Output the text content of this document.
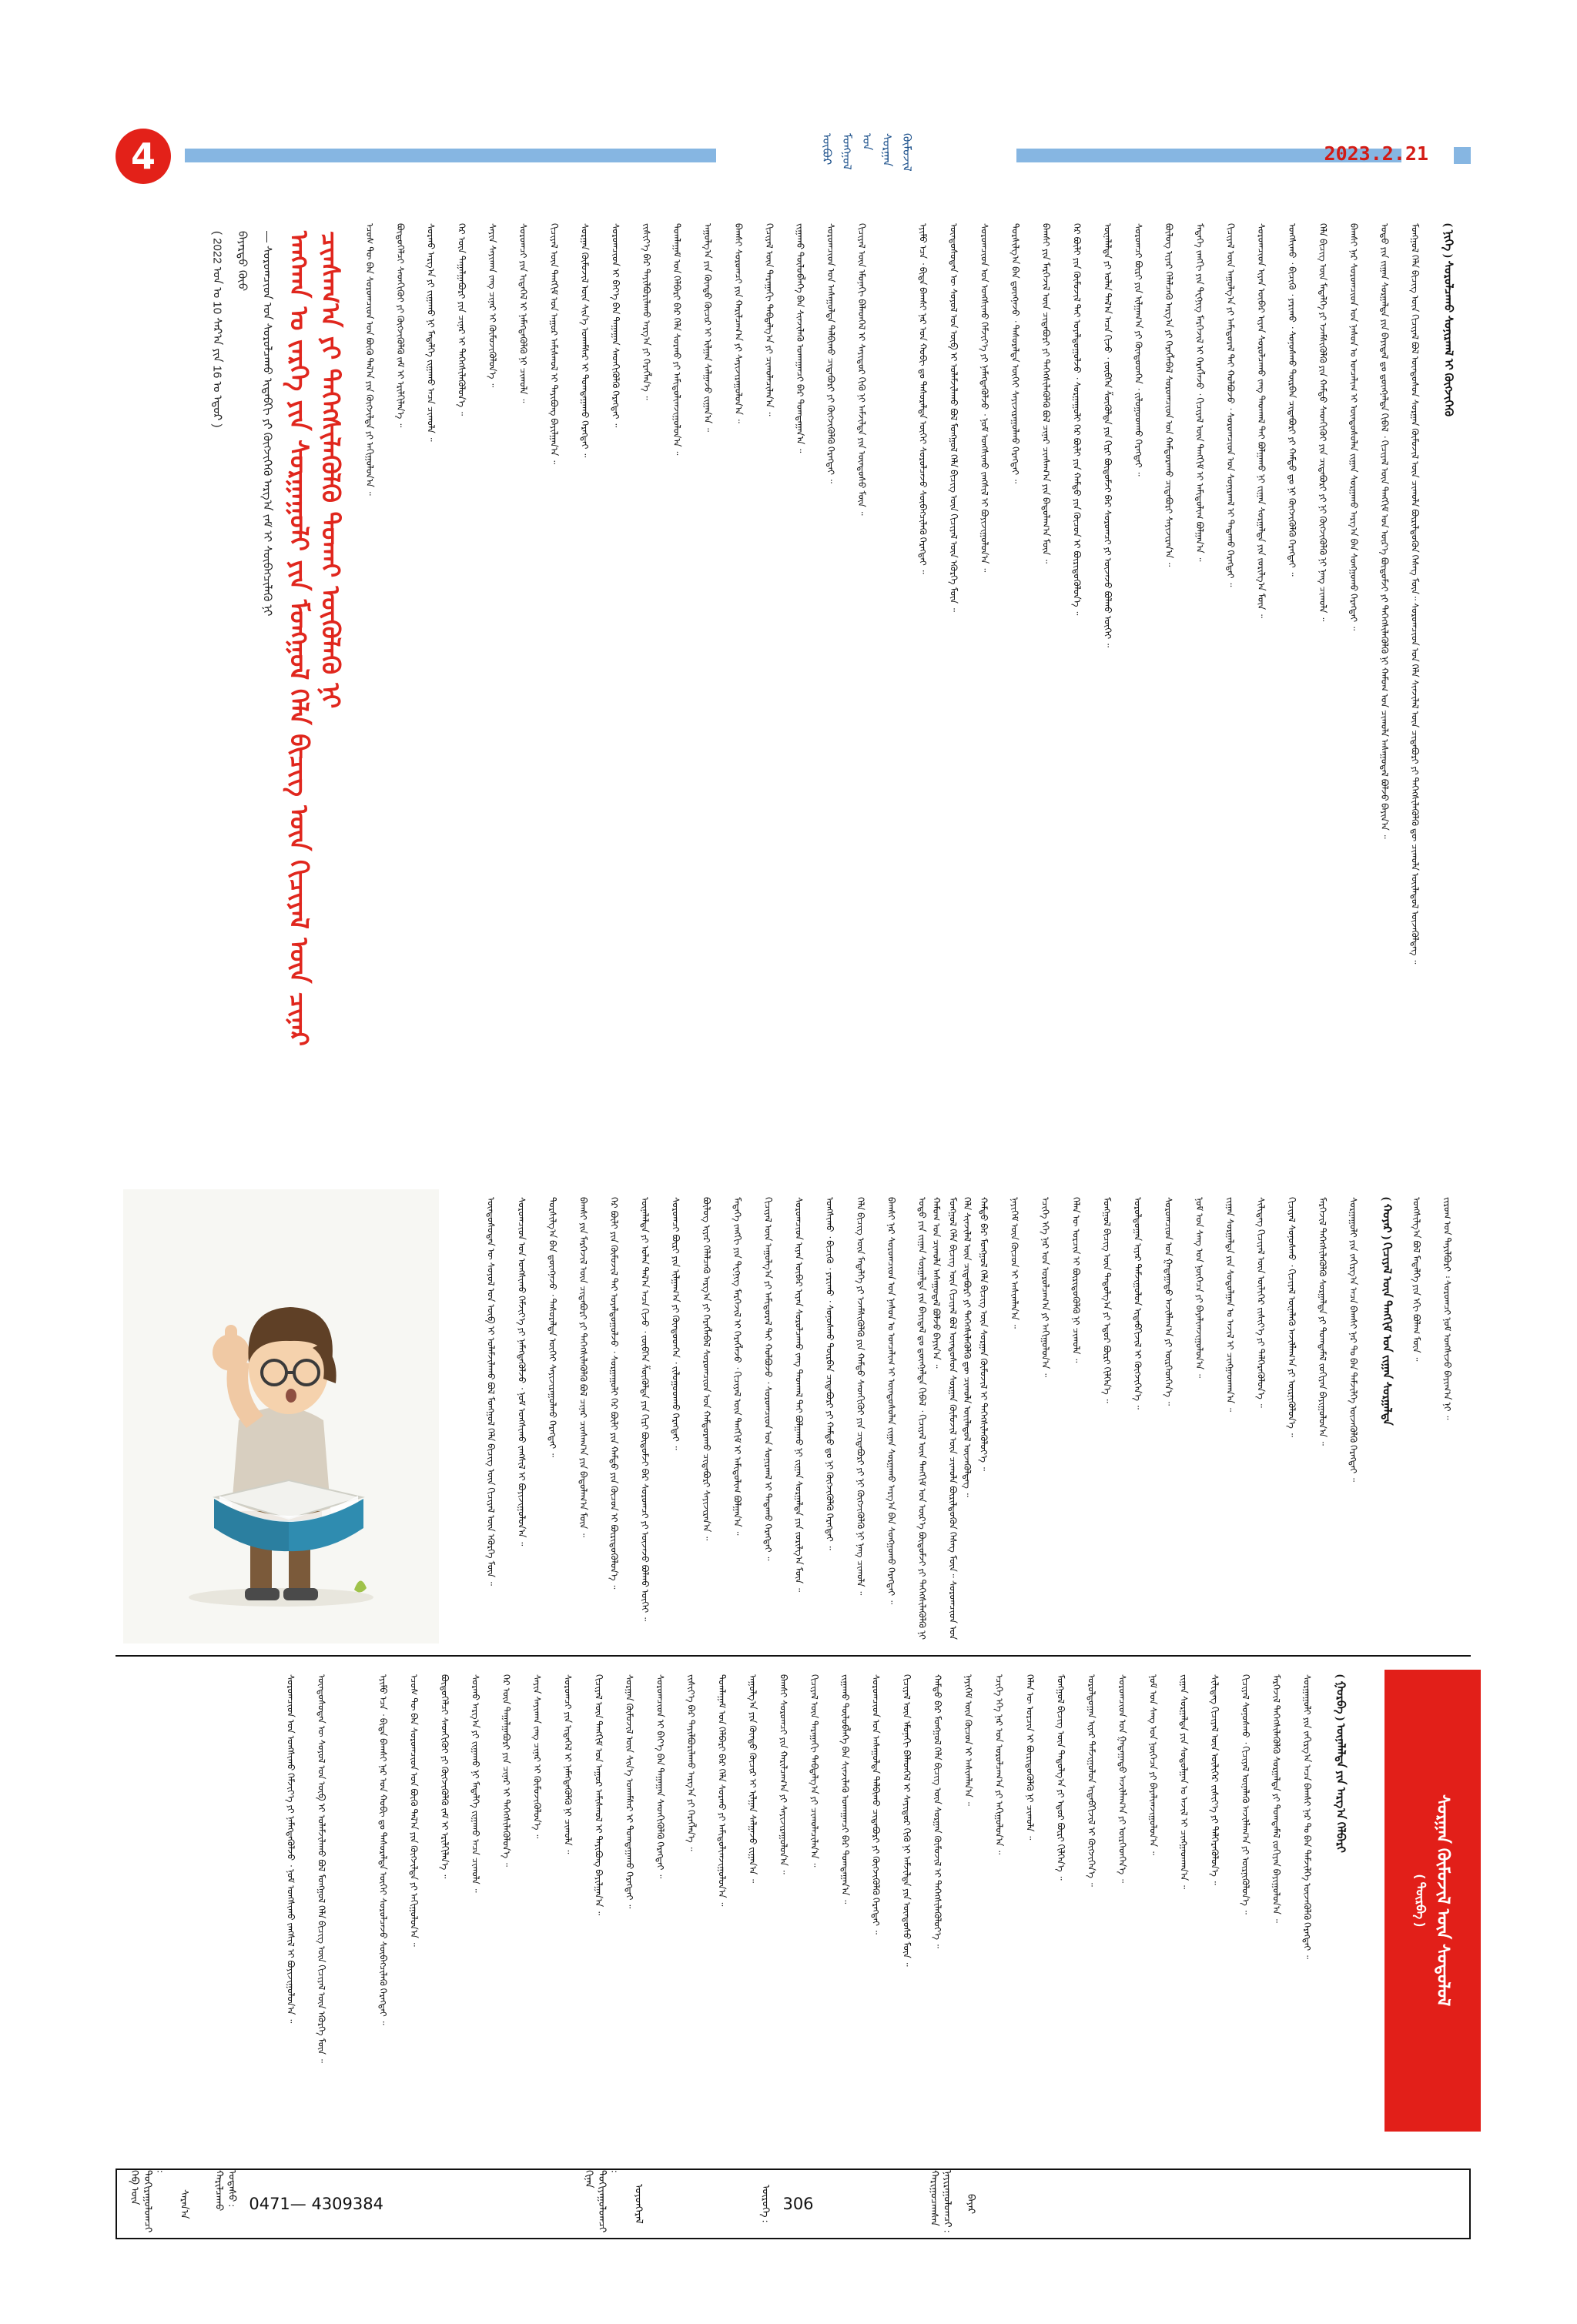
4	ᠦᠪᠦᠷ ᠮᠣᠩᠭᠤᠯ ᠤᠨ ᠰᠤᠷᠭᠠᠨ ᠬᠦᠮᠦᠵᠢᠯ	2023.2.21
ᠠᠩᠬᠠᠨ ᠤ ᠵᠡᠷᠭᠡ ᠶᠢᠨ ᠰᠤᠷᠭᠠᠭᠤᠯᠢ ᠶᠢᠨ ᠮᠣᠩᠭᠤᠯ ᠬᠡᠯᠡ ᠪᠢᠴᠢᠭ ᠦᠨ ᠬᠢᠴᠢᠶᠡᠯ ᠦᠨ ᠴᠢᠨᠠᠷ ᠴᠢᠨᠰᠠᠭ᠎ᠠ ᠶᠢ ᠳᠡᠭᠡᠭᠰᠢᠯᠡᠭᠦᠯᠬᠦ ᠲᠤᠬᠠᠢ ᠦᠭᠦᠯᠡᠬᠦ ᠨᠢ
— ᠰᠤᠷᠤᠭᠴᠢᠳ ᠤᠨ ᠰᠤᠷᠤᠯᠴᠠᠬᠤ ᠢᠳᠡᠪᠬᠢ ᠶᠢ ᠬᠦᠭᠵᠢᠭᠡᠬᠦ ᠠᠷᠭ᠎ᠠ ᠵᠠᠮ ᠢ ᠰᠦᠪᠡᠭᠴᠢᠯᠡᠬᠦ ᠨᠢ
ᠪᠠᠶᠠᠷᠲᠤ ᠬᠦᠦ
( 2022 ᠣᠨ ᠤ 10 ᠰᠠᠷ᠎ᠠ ᠶᠢᠨ 16 ᠤ ᠡᠳᠦᠷ )	( ᠨᠢᠭᠡ ) ᠰᠤᠷᠤᠯᠴᠠᠬᠤ ᠰᠣᠨᠢᠷᠬᠠᠯ ᠢ ᠬᠦᠭᠵᠢᠭᠡᠬᠦ
ᠮᠣᠩᠭᠤᠯ ᠬᠡᠯᠡ ᠪᠢᠴᠢᠭ ᠦᠨ ᠬᠢᠴᠢᠶᠡᠯ ᠪᠣᠯ ᠦᠨᠳᠦᠰᠦᠨ ᠰᠤᠷᠭᠠᠨ ᠬᠦᠮᠦᠵᠢᠯ ᠦᠨ ᠴᠢᠬᠤᠯᠠ ᠪᠦᠷᠢᠯᠳᠦᠭᠦᠨ ᠬᠡᠰᠡᠭ ᠮᠥᠨ᠃ ᠰᠤᠷᠤᠭᠴᠢᠳ ᠤᠨ ᠬᠡᠯᠡ ᠰᠢᠨᠵᠢᠯᠡᠯ ᠦᠨ ᠴᠢᠳᠠᠪᠤᠷᠢ ᠶᠢ ᠳᠡᠭᠡᠭᠰᠢᠯᠡᠭᠦᠯᠬᠦ ᠳᠦ ᠴᠢᠬᠤᠯᠠ ᠦᠢᠯᠡᠳᠦᠯ ᠦᠵᠡᠭᠦᠯᠳᠡᠭ ᠃
ᠣᠳᠣ ᠶᠢᠨ ᠵᠢᠭᠠᠨ ᠰᠤᠷᠭᠠᠯᠲᠠ ᠶᠢᠨ ᠪᠠᠶᠢᠳᠠᠯ ᠳᠤ ᠳ᠋ᠦᠩᠨᠡᠯᠲᠡ ᠬᠢᠪᠡᠯ ᠂ ᠬᠢᠴᠢᠶᠡᠯ ᠦᠨ ᠲᠠᠩᠬᠢᠮ ᠤᠨ ᠦᠷ᠎ᠡ ᠪᠦᠲᠦᠮᠵᠢ ᠶᠢ ᠳᠡᠭᠡᠭᠰᠢᠯᠡᠭᠦᠯᠬᠦ ᠨᠢ ᠬᠠᠮᠤᠭ ᠤᠨ ᠴᠢᠬᠤᠯᠠ ᠠᠰᠠᠭᠤᠳᠠᠯ ᠪᠣᠯᠵᠤ ᠪᠠᠶᠢᠨ᠎ᠠ ᠃
ᠪᠠᠭᠰᠢ ᠨᠠᠷ ᠰᠤᠷᠤᠭᠴᠢᠳ ᠤᠨ ᠨᠠᠰᠤᠨ ᠤ ᠣᠨᠴᠠᠯᠢᠭ ᠢ ᠦᠨᠳᠦᠰᠦᠯᠡᠨ ᠵᠢᠭᠠᠨ ᠰᠤᠷᠭᠠᠬᠤ ᠠᠷᠭ᠎ᠠ ᠪᠠᠨ ᠰᠣᠩᠭᠤᠬᠤ ᠬᠡᠷᠡᠭᠲᠡᠢ ᠃
ᠬᠡᠯᠡ ᠪᠢᠴᠢᠭ ᠦᠨ ᠮᠡᠳᠡᠯᠭᠡ ᠶᠢ ᠡᠵᠡᠮᠰᠢᠭᠦᠯᠬᠦ ᠶᠢᠨ ᠬᠠᠮᠲᠤ ᠰᠡᠳᠬᠢᠬᠦᠢ ᠶᠢᠨ ᠴᠢᠳᠠᠪᠤᠷᠢ ᠶᠢ ᠨᠢ ᠬᠦᠭᠵᠢᠭᠦᠯᠬᠦ ᠨᠢ ᠨᠡᠩ ᠴᠢᠬᠤᠯᠠ ᠃
ᠤᠩᠰᠢᠬᠤ ᠂ ᠪᠢᠴᠢᠬᠦ ᠂ ᠶᠠᠷᠢᠬᠤ ᠂ ᠰᠣᠨᠣᠰᠬᠤ ᠳᠥᠷᠪᠡᠨ ᠴᠢᠳᠠᠪᠤᠷᠢ ᠶᠢ ᠬᠠᠮᠲᠤ ᠳᠤ ᠨᠢ ᠬᠥᠭᠵᠢᠭᠦᠯᠬᠦ ᠬᠡᠷᠡᠭᠲᠡᠢ ᠃
ᠰᠤᠷᠤᠭᠴᠢᠳ ᠢᠶᠠᠨ ᠥᠪᠡᠷ ᠢᠶᠡᠨ ᠰᠤᠷᠤᠯᠴᠠᠬᠤ ᠵᠠᠩ ᠳᠠᠳᠬᠠᠯ ᠲᠠᠢ ᠪᠣᠯᠭᠠᠬᠤ ᠨᠢ ᠵᠢᠭᠠᠨ ᠰᠤᠷᠭᠠᠯᠲᠠ ᠶᠢᠨ ᠵᠣᠷᠢᠯᠭ᠎ᠠ ᠮᠥᠨ ᠃
ᠬᠢᠴᠢᠶᠡᠯ ᠦᠨ ᠠᠭᠤᠯᠭ᠎ᠠ ᠶᠢ ᠠᠮᠢᠳᠤᠷᠠᠯ ᠲᠠᠢ ᠬᠣᠯᠪᠤᠵᠤ ᠂ ᠰᠤᠷᠤᠭᠴᠢᠳ ᠤᠨ ᠰᠣᠨᠢᠷᠬᠠᠯ ᠢ ᠲᠠᠲᠠᠬᠤ ᠬᠡᠷᠡᠭᠲᠡᠢ ᠃
ᠮᠡᠳᠡᠭᠡ ᠵᠠᠩᠭᠢ ᠶᠢᠨ ᠲᠧᠭᠨᠢᠭ ᠮᠡᠷᠭᠡᠵᠢᠯ ᠢ ᠬᠡᠷᠡᠭᠯᠡᠵᠦ ᠂ ᠬᠢᠴᠢᠶᠡᠯ ᠦᠨ ᠲᠠᠩᠬᠢᠮ ᠢ ᠠᠮᠢᠳᠤᠯᠢᠭ ᠪᠣᠯᠭᠠᠨ᠎ᠠ ᠃
ᠪᠦᠯᠦᠭ ᠢᠶᠡᠷ ᠬᠡᠯᠡᠯᠴᠡᠬᠦ ᠠᠷᠭ᠎ᠠ ᠶᠢ ᠬᠡᠷᠡᠭᠯᠡᠪᠡᠯ ᠰᠤᠷᠤᠭᠴᠢᠳ ᠤᠨ ᠬᠠᠮᠲᠤᠷᠠᠬᠤ ᠴᠢᠳᠠᠪᠤᠷᠢ ᠰᠠᠶᠢᠵᠢᠷᠠᠨ᠎ᠠ ᠃
ᠰᠤᠷᠤᠭᠴᠢ ᠪᠦᠷᠢ ᠶᠢᠨ ᠢᠯᠭᠠᠭ᠎ᠠ ᠶᠢ ᠬᠦᠨᠳᠦᠳᠬᠡᠨ ᠂ ᠵᠢᠯᠣᠭᠤᠳᠬᠤ ᠬᠡᠷᠡᠭᠲᠡᠢ ᠃
ᠦᠨᠡᠯᠡᠯᠲᠡ ᠶᠢ ᠣᠯᠠᠨ ᠲᠠᠯ᠎ᠠ ᠠᠴᠠ ᠬᠢᠵᠦ ᠂ ᠵᠥᠪᠬᠡᠨ ᠱᠦᠭᠦᠯᠲᠡ ᠶᠢᠨ ᠬᠢᠷᠢ ᠪᠦᠲᠦᠮᠵᠢ ᠪᠡᠷ ᠰᠤᠷᠤᠭᠴᠢ ᠶᠢ ᠦᠵᠡᠵᠦ ᠪᠣᠯᠬᠤ ᠦᠭᠡᠢ ᠃
ᠭᠡᠷ ᠪᠦᠯᠢ ᠶᠢᠨ ᠬᠦᠮᠦᠵᠢᠯ ᠲᠡᠢ ᠤᠶᠠᠯᠳᠤᠭᠤᠯᠵᠤ ᠂ ᠰᠤᠷᠭᠠᠭᠤᠯᠢ ᠭᠡᠷ ᠪᠦᠯᠢ ᠶᠢᠨ ᠬᠠᠮᠲᠤ ᠶᠢᠨ ᠬᠦᠴᠦᠨ ᠢ ᠪᠦᠷᠢᠳᠦᠭᠦᠯᠦᠨ᠎ᠡ ᠃
ᠪᠠᠭᠰᠢ ᠶᠢᠨ ᠮᠡᠷᠭᠡᠵᠢᠯ ᠦᠨ ᠴᠢᠳᠠᠪᠤᠷᠢ ᠶᠢ ᠳᠡᠭᠡᠭᠰᠢᠯᠡᠭᠦᠯᠬᠦ ᠪᠣᠯ ᠴᠢᠨᠠᠷ ᠴᠢᠨᠰᠠᠭ᠎ᠠ ᠶᠢᠨ ᠪᠠᠲᠤᠯᠠᠭ᠎ᠠ ᠮᠥᠨ ᠃
ᠲᠤᠷᠰᠢᠯᠭ᠎ᠠ ᠪᠠᠨ ᠳ᠋ᠦᠩᠨᠡᠵᠦ ᠂ ᠲᠠᠰᠤᠷᠠᠯᠲᠠ ᠦᠭᠡᠢ ᠰᠠᠶᠢᠵᠢᠷᠠᠭᠤᠯᠬᠤ ᠬᠡᠷᠡᠭᠲᠡᠢ ᠃
ᠰᠤᠷᠤᠭᠴᠢᠳ ᠤᠨ ᠤᠩᠰᠢᠬᠤ ᠬᠡᠮᠵᠢᠶ᠎ᠡ ᠶᠢ ᠨᠡᠮᠡᠭᠳᠡᠭᠦᠯᠵᠦ ᠂ ᠨᠣᠮ ᠤᠩᠰᠢᠬᠤ ᠵᠠᠩᠰᠢᠯ ᠢ ᠪᠣᠶᠢᠵᠢᠭᠤᠯᠤᠨ᠎ᠠ ᠃
ᠦᠨᠳᠦᠰᠦᠲᠡᠨ ᠦ ᠰᠤᠶᠤᠯ ᠤᠨ ᠥᠪ ᠢ ᠤᠯᠠᠮᠵᠢᠯᠠᠬᠤ ᠪᠣᠯ ᠮᠣᠩᠭᠤᠯ ᠬᠡᠯᠡ ᠪᠢᠴᠢᠭ ᠦᠨ ᠬᠢᠴᠢᠶᠡᠯ ᠦᠨ ᠡᠭᠦᠷᠭᠡ ᠮᠥᠨ ᠃
ᠡᠶᠢᠮᠦ ᠡᠴᠡ ᠂ ᠪᠢᠳᠡ ᠪᠠᠭᠰᠢ ᠨᠠᠷ ᠤᠨ ᠬᠤᠪᠢ ᠳᠤ ᠲᠠᠰᠤᠷᠠᠯᠲᠠ ᠦᠭᠡᠢ ᠰᠤᠷᠤᠯᠴᠠᠵᠤ ᠰᠦᠪᠡᠭᠴᠢᠯᠡᠬᠦ ᠬᠡᠷᠡᠭᠲᠡᠢ ᠃
ᠬᠢᠴᠢᠶᠡᠯ ᠦᠨ ᠡᠮᠦᠨᠡᠬᠢ ᠪᠡᠯᠡᠳᠬᠡᠯ ᠢ ᠰᠠᠶᠢᠲᠤᠷ ᠬᠢᠬᠦ ᠨᠢ ᠠᠮᠵᠢᠯᠲᠠ ᠶᠢᠨ ᠦᠨᠳᠦᠰᠦ ᠮᠥᠨ ᠃
ᠰᠤᠷᠤᠭᠴᠢᠳ ᠤᠨ ᠠᠰᠠᠭᠤᠯᠲᠠ ᠲᠠᠯᠪᠢᠬᠤ ᠴᠢᠳᠠᠪᠤᠷᠢ ᠶᠢ ᠬᠥᠭᠵᠢᠭᠦᠯᠬᠦ ᠬᠡᠷᠡᠭᠲᠡᠢ ᠃
ᠵᠢᠭᠠᠬᠤ ᠲᠥᠯᠦᠪᠯᠡᠭᠡ ᠪᠡᠨ ᠰᠢᠨᠵᠢᠯᠡᠬᠦ ᠤᠬᠠᠭᠠᠨᠴᠢ ᠪᠠᠷ ᠲᠣᠭᠲᠠᠭᠠᠨ᠎ᠠ ᠃
ᠬᠢᠴᠢᠶᠡᠯ ᠦᠨ ᠳᠠᠷᠠᠭᠠᠬᠢ ᠳᠠᠪᠲᠠᠯᠭ᠎ᠠ ᠶᠢ ᠴᠢᠬᠤᠯᠠᠴᠢᠯᠠᠨ᠎ᠠ ᠃
ᠪᠠᠭᠰᠢ ᠰᠤᠷᠤᠭᠴᠢ ᠶᠢᠨ ᠬᠠᠷᠢᠯᠴᠠᠭ᠎ᠠ ᠶᠢ ᠰᠠᠶᠢᠵᠢᠷᠠᠭᠤᠯᠤᠨ᠎ᠠ ᠃
ᠠᠭᠤᠯᠭ᠎ᠠ ᠶᠢᠨ ᠬᠦᠨᠳᠦ ᠬᠦᠴᠢᠷ ᠢ ᠢᠯᠭᠠᠨ ᠰᠠᠯᠭᠠᠵᠤ ᠵᠢᠭᠠᠨ᠎ᠠ ᠃
ᠲᠣᠭᠯᠠᠭᠠᠮ ᠤᠨ ᠬᠡᠯᠪᠡᠷᠢ ᠪᠡᠷ ᠬᠡᠯᠡ ᠰᠤᠷᠬᠤ ᠶᠢ ᠠᠮᠢᠳᠤᠯᠢᠭᠵᠢᠭᠤᠯᠤᠨ᠎ᠠ ᠃
ᠵᠢᠱᠢᠶ᠎ᠡ ᠪᠡᠷ ᠲᠠᠶᠢᠯᠪᠤᠷᠢᠯᠠᠬᠤ ᠠᠷᠭ᠎ᠠ ᠶᠢ ᠬᠡᠷᠡᠭᠯᠡᠨ᠎ᠡ ᠃
ᠰᠤᠷᠤᠭᠴᠢᠳ ᠢ ᠪᠡᠶ᠎ᠡ ᠪᠡᠨ ᠳᠠᠭᠠᠭᠠᠨ ᠰᠡᠳᠬᠢᠭᠦᠯᠬᠦ ᠬᠡᠷᠡᠭᠲᠡᠢ ᠃
ᠰᠤᠷᠭᠠᠨ ᠬᠦᠮᠦᠵᠢᠯ ᠦᠨ ᠰᠢᠨ᠎ᠡ ᠤᠬᠠᠮᠰᠠᠷ ᠢ ᠲᠣᠭᠲᠠᠭᠠᠬᠤ ᠬᠡᠷᠡᠭᠲᠡᠢ ᠃
ᠬᠢᠴᠢᠶᠡᠯ ᠦᠨ ᠲᠠᠩᠬᠢᠮ ᠤᠨ ᠠᠭᠤᠷ ᠠᠮᠢᠰᠬᠤᠯ ᠢ ᠲᠠᠶᠢᠪᠤᠩ ᠪᠠᠶᠢᠯᠭᠠᠨ᠎ᠠ ᠃
ᠰᠤᠷᠤᠭᠴᠢ ᠶᠢᠨ ᠢᠲᠡᠭᠡᠯ ᠢ ᠨᠡᠮᠡᠭᠳᠡᠭᠦᠯᠬᠦ ᠨᠢ ᠴᠢᠬᠤᠯᠠ ᠃
ᠰᠠᠶᠢᠨ ᠰᠠᠶᠢᠬᠠᠨ ᠵᠠᠩ ᠴᠢᠨᠠᠷ ᠢ ᠬᠦᠮᠦᠵᠢᠭᠦᠯᠦᠨ᠎ᠡ ᠃
ᠭᠡᠷ ᠦᠨ ᠳᠠᠭᠠᠯᠭᠠᠪᠤᠷᠢ ᠶᠢᠨ ᠴᠢᠨᠠᠷ ᠢ ᠳᠡᠭᠡᠭᠰᠢᠯᠡᠭᠦᠯᠦᠨ᠎ᠡ ᠃
ᠰᠤᠷᠬᠤ ᠠᠷᠭ᠎ᠠ ᠶᠢ ᠵᠢᠭᠠᠬᠤ ᠨᠢ ᠮᠡᠳᠡᠯᠭᠡ ᠵᠢᠭᠠᠬᠤ ᠠᠴᠠ ᠴᠢᠬᠤᠯᠠ ᠃
ᠪᠦᠲᠦᠭᠡᠯᠴᠢ ᠰᠡᠳᠬᠢᠬᠦᠢ ᠶᠢ ᠬᠥᠭᠵᠢᠭᠦᠯᠬᠦ ᠵᠠᠮ ᠢ ᠡᠷᠢᠯᠬᠢᠯᠡᠨ᠎ᠡ ᠃
ᠡᠴᠦᠰ ᠲᠦ ᠪᠡᠨ ᠰᠤᠷᠤᠭᠴᠢᠳ ᠤᠨ ᠪᠦᠬᠦ ᠲᠠᠯ᠎ᠠ ᠶᠢᠨ ᠬᠥᠭᠵᠢᠯᠲᠡ ᠶᠢ ᠠᠬᠢᠭᠤᠯᠤᠨ᠎ᠠ ᠃
ᠵᠢᠷᠤᠭ ᠤᠨ ᠲᠠᠶᠢᠯᠪᠤᠷᠢ ᠄ ᠰᠤᠷᠤᠭᠴᠢ ᠨᠣᠮ ᠤᠩᠰᠢᠵᠤ ᠪᠠᠶᠢᠭ᠎ᠠ ᠨᠢ ᠃
ᠤᠩᠰᠢᠯᠭ᠎ᠠ ᠪᠣᠯ ᠮᠡᠳᠡᠯᠭᠡ ᠶᠢᠨ ᠡᠬᠢ ᠪᠤᠯᠠᠭ ᠮᠥᠨ ᠃
( ᠬᠣᠶᠠᠷ ) ᠬᠢᠴᠢᠶᠡᠯ ᠦᠨ ᠲᠠᠩᠬᠢᠮ ᠤᠨ ᠵᠢᠭᠠᠨ ᠰᠤᠷᠭᠠᠯᠲᠠ
ᠰᠤᠷᠭᠠᠭᠤᠯᠢ ᠶᠢᠨ ᠵᠠᠬᠢᠷᠭ᠎ᠠ ᠠᠴᠠ ᠪᠠᠭᠰᠢ ᠨᠠᠷ ᠲᠤ ᠪᠠᠨ ᠳᠡᠮᠵᠢᠯᠭᠡ ᠦᠵᠡᠭᠦᠯᠬᠦ ᠬᠡᠷᠡᠭᠲᠡᠢ ᠃
ᠮᠡᠷᠭᠡᠵᠢᠯ ᠳᠡᠭᠡᠭᠰᠢᠯᠡᠭᠦᠯᠬᠦ ᠰᠤᠷᠭᠠᠯᠲᠠ ᠶᠢ ᠲᠣᠭᠲᠠᠮᠠᠯ ᠵᠣᠬᠢᠶᠠᠨ ᠪᠠᠶᠢᠭᠤᠯᠤᠨ᠎ᠠ ᠃
ᠬᠢᠴᠢᠶᠡᠯ ᠰᠣᠨᠣᠰᠬᠤ ᠂ ᠬᠢᠴᠢᠶᠡᠯ ᠦᠨᠡᠯᠡᠬᠦ ᠠᠵᠢᠯᠯᠠᠭ᠎ᠠ ᠶᠢ ᠥᠷᠨᠢᠭᠦᠯᠦᠨ᠎ᠡ ᠃
ᠰᠢᠯᠢᠳᠡᠭ ᠬᠢᠴᠢᠶᠡᠯ ᠦᠨ ᠦᠯᠢᠭᠡᠷ ᠵᠢᠱᠢᠶ᠎ᠡ ᠶᠢ ᠳᠡᠯᠭᠡᠷᠡᠭᠦᠯᠦᠨ᠎ᠡ ᠃
ᠵᠢᠭᠠᠨ ᠰᠤᠷᠭᠠᠯᠲᠠ ᠶᠢᠨ ᠰᠤᠳᠤᠯᠭᠠᠨ ᠤ ᠠᠵᠢᠯ ᠢ ᠴᠢᠩᠭᠠᠳᠬᠠᠨ᠎ᠠ ᠃
ᠨᠣᠮ ᠤᠨ ᠰᠠᠩ ᠤᠨ ᠨᠥᠭᠡᠴᠡ ᠶᠢ ᠪᠠᠶᠠᠯᠢᠭᠵᠢᠭᠤᠯᠤᠨ᠎ᠠ ᠃
ᠰᠤᠷᠤᠭᠴᠢᠳ ᠤᠨ ᠭᠠᠳᠠᠭᠠᠳᠤ ᠠᠵᠢᠯᠯᠠᠭ᠎ᠠ ᠶᠢ ᠥᠷᠭᠡᠳᠬᠡᠨ᠎ᠡ ᠃
ᠤᠷᠤᠯᠳᠤᠭᠠᠨ ᠢᠶᠠᠷ ᠳᠠᠮᠵᠢᠭᠤᠯᠤᠨ ᠢᠳᠡᠪᠬᠢᠵᠢᠯ ᠢ ᠬᠥᠭᠵᠢᠭᠡᠨ᠎ᠡ ᠃
ᠮᠣᠩᠭᠤᠯ ᠪᠢᠴᠢᠭ ᠦᠨ ᠳᠠᠳᠤᠯᠭ᠎ᠠ ᠶᠢ ᠡᠳᠦᠷ ᠪᠦᠷᠢ ᠬᠢᠯᠭᠡᠨ᠎ᠡ ᠃
ᠬᠡᠯᠡᠨ ᠦ ᠣᠷᠴᠢᠨ ᠢ ᠪᠦᠷᠢᠳᠦᠭᠦᠯᠬᠦ ᠨᠢ ᠴᠢᠬᠤᠯᠠ ᠃
ᠡᠴᠢᠭᠡ ᠡᠬᠡ ᠨᠠᠷ ᠤᠨ ᠣᠷᠣᠯᠴᠠᠭ᠎ᠠ ᠶᠢ ᠠᠬᠢᠭᠤᠯᠤᠨ᠎ᠠ ᠃
ᠨᠡᠶᠢᠭᠡᠮ ᠦᠨ ᠬᠦᠴᠦᠨ ᠢ ᠠᠰᠢᠭᠯᠠᠨ᠎ᠠ ᠃
ᠬᠠᠮᠲᠤ ᠪᠠᠷ ᠮᠣᠩᠭᠤᠯ ᠬᠡᠯᠡ ᠪᠢᠴᠢᠭ ᠦᠨ ᠰᠤᠷᠭᠠᠨ ᠬᠦᠮᠦᠵᠢᠯ ᠢ ᠳᠡᠭᠡᠭᠰᠢᠯᠡᠭᠦᠯᠦᠶ᠎ᠡ ᠃
ᠮᠣᠩᠭᠤᠯ ᠬᠡᠯᠡ ᠪᠢᠴᠢᠭ ᠦᠨ ᠬᠢᠴᠢᠶᠡᠯ ᠪᠣᠯ ᠦᠨᠳᠦᠰᠦᠨ ᠰᠤᠷᠭᠠᠨ ᠬᠦᠮᠦᠵᠢᠯ ᠦᠨ ᠴᠢᠬᠤᠯᠠ ᠪᠦᠷᠢᠯᠳᠦᠭᠦᠨ ᠬᠡᠰᠡᠭ ᠮᠥᠨ᠃ ᠰᠤᠷᠤᠭᠴᠢᠳ ᠤᠨ ᠬᠡᠯᠡ ᠰᠢᠨᠵᠢᠯᠡᠯ ᠦᠨ ᠴᠢᠳᠠᠪᠤᠷᠢ ᠶᠢ ᠳᠡᠭᠡᠭᠰᠢᠯᠡᠭᠦᠯᠬᠦ ᠳᠦ ᠴᠢᠬᠤᠯᠠ ᠦᠢᠯᠡᠳᠦᠯ ᠦᠵᠡᠭᠦᠯᠳᠡᠭ ᠃
ᠣᠳᠣ ᠶᠢᠨ ᠵᠢᠭᠠᠨ ᠰᠤᠷᠭᠠᠯᠲᠠ ᠶᠢᠨ ᠪᠠᠶᠢᠳᠠᠯ ᠳᠤ ᠳ᠋ᠦᠩᠨᠡᠯᠲᠡ ᠬᠢᠪᠡᠯ ᠂ ᠬᠢᠴᠢᠶᠡᠯ ᠦᠨ ᠲᠠᠩᠬᠢᠮ ᠤᠨ ᠦᠷ᠎ᠡ ᠪᠦᠲᠦᠮᠵᠢ ᠶᠢ ᠳᠡᠭᠡᠭᠰᠢᠯᠡᠭᠦᠯᠬᠦ ᠨᠢ ᠬᠠᠮᠤᠭ ᠤᠨ ᠴᠢᠬᠤᠯᠠ ᠠᠰᠠᠭᠤᠳᠠᠯ ᠪᠣᠯᠵᠤ ᠪᠠᠶᠢᠨ᠎ᠠ ᠃
ᠪᠠᠭᠰᠢ ᠨᠠᠷ ᠰᠤᠷᠤᠭᠴᠢᠳ ᠤᠨ ᠨᠠᠰᠤᠨ ᠤ ᠣᠨᠴᠠᠯᠢᠭ ᠢ ᠦᠨᠳᠦᠰᠦᠯᠡᠨ ᠵᠢᠭᠠᠨ ᠰᠤᠷᠭᠠᠬᠤ ᠠᠷᠭ᠎ᠠ ᠪᠠᠨ ᠰᠣᠩᠭᠤᠬᠤ ᠬᠡᠷᠡᠭᠲᠡᠢ ᠃
ᠬᠡᠯᠡ ᠪᠢᠴᠢᠭ ᠦᠨ ᠮᠡᠳᠡᠯᠭᠡ ᠶᠢ ᠡᠵᠡᠮᠰᠢᠭᠦᠯᠬᠦ ᠶᠢᠨ ᠬᠠᠮᠲᠤ ᠰᠡᠳᠬᠢᠬᠦᠢ ᠶᠢᠨ ᠴᠢᠳᠠᠪᠤᠷᠢ ᠶᠢ ᠨᠢ ᠬᠦᠭᠵᠢᠭᠦᠯᠬᠦ ᠨᠢ ᠨᠡᠩ ᠴᠢᠬᠤᠯᠠ ᠃
ᠤᠩᠰᠢᠬᠤ ᠂ ᠪᠢᠴᠢᠬᠦ ᠂ ᠶᠠᠷᠢᠬᠤ ᠂ ᠰᠣᠨᠣᠰᠬᠤ ᠳᠥᠷᠪᠡᠨ ᠴᠢᠳᠠᠪᠤᠷᠢ ᠶᠢ ᠬᠠᠮᠲᠤ ᠳᠤ ᠨᠢ ᠬᠥᠭᠵᠢᠭᠦᠯᠬᠦ ᠬᠡᠷᠡᠭᠲᠡᠢ ᠃
ᠰᠤᠷᠤᠭᠴᠢᠳ ᠢᠶᠠᠨ ᠥᠪᠡᠷ ᠢᠶᠡᠨ ᠰᠤᠷᠤᠯᠴᠠᠬᠤ ᠵᠠᠩ ᠳᠠᠳᠬᠠᠯ ᠲᠠᠢ ᠪᠣᠯᠭᠠᠬᠤ ᠨᠢ ᠵᠢᠭᠠᠨ ᠰᠤᠷᠭᠠᠯᠲᠠ ᠶᠢᠨ ᠵᠣᠷᠢᠯᠭ᠎ᠠ ᠮᠥᠨ ᠃
ᠬᠢᠴᠢᠶᠡᠯ ᠦᠨ ᠠᠭᠤᠯᠭ᠎ᠠ ᠶᠢ ᠠᠮᠢᠳᠤᠷᠠᠯ ᠲᠠᠢ ᠬᠣᠯᠪᠤᠵᠤ ᠂ ᠰᠤᠷᠤᠭᠴᠢᠳ ᠤᠨ ᠰᠣᠨᠢᠷᠬᠠᠯ ᠢ ᠲᠠᠲᠠᠬᠤ ᠬᠡᠷᠡᠭᠲᠡᠢ ᠃
ᠮᠡᠳᠡᠭᠡ ᠵᠠᠩᠭᠢ ᠶᠢᠨ ᠲᠧᠭᠨᠢᠭ ᠮᠡᠷᠭᠡᠵᠢᠯ ᠢ ᠬᠡᠷᠡᠭᠯᠡᠵᠦ ᠂ ᠬᠢᠴᠢᠶᠡᠯ ᠦᠨ ᠲᠠᠩᠬᠢᠮ ᠢ ᠠᠮᠢᠳᠤᠯᠢᠭ ᠪᠣᠯᠭᠠᠨ᠎ᠠ ᠃
ᠪᠦᠯᠦᠭ ᠢᠶᠡᠷ ᠬᠡᠯᠡᠯᠴᠡᠬᠦ ᠠᠷᠭ᠎ᠠ ᠶᠢ ᠬᠡᠷᠡᠭᠯᠡᠪᠡᠯ ᠰᠤᠷᠤᠭᠴᠢᠳ ᠤᠨ ᠬᠠᠮᠲᠤᠷᠠᠬᠤ ᠴᠢᠳᠠᠪᠤᠷᠢ ᠰᠠᠶᠢᠵᠢᠷᠠᠨ᠎ᠠ ᠃
ᠰᠤᠷᠤᠭᠴᠢ ᠪᠦᠷᠢ ᠶᠢᠨ ᠢᠯᠭᠠᠭ᠎ᠠ ᠶᠢ ᠬᠦᠨᠳᠦᠳᠬᠡᠨ ᠂ ᠵᠢᠯᠣᠭᠤᠳᠬᠤ ᠬᠡᠷᠡᠭᠲᠡᠢ ᠃
ᠦᠨᠡᠯᠡᠯᠲᠡ ᠶᠢ ᠣᠯᠠᠨ ᠲᠠᠯ᠎ᠠ ᠠᠴᠠ ᠬᠢᠵᠦ ᠂ ᠵᠥᠪᠬᠡᠨ ᠱᠦᠭᠦᠯᠲᠡ ᠶᠢᠨ ᠬᠢᠷᠢ ᠪᠦᠲᠦᠮᠵᠢ ᠪᠡᠷ ᠰᠤᠷᠤᠭᠴᠢ ᠶᠢ ᠦᠵᠡᠵᠦ ᠪᠣᠯᠬᠤ ᠦᠭᠡᠢ ᠃
ᠭᠡᠷ ᠪᠦᠯᠢ ᠶᠢᠨ ᠬᠦᠮᠦᠵᠢᠯ ᠲᠡᠢ ᠤᠶᠠᠯᠳᠤᠭᠤᠯᠵᠤ ᠂ ᠰᠤᠷᠭᠠᠭᠤᠯᠢ ᠭᠡᠷ ᠪᠦᠯᠢ ᠶᠢᠨ ᠬᠠᠮᠲᠤ ᠶᠢᠨ ᠬᠦᠴᠦᠨ ᠢ ᠪᠦᠷᠢᠳᠦᠭᠦᠯᠦᠨ᠎ᠡ ᠃
ᠪᠠᠭᠰᠢ ᠶᠢᠨ ᠮᠡᠷᠭᠡᠵᠢᠯ ᠦᠨ ᠴᠢᠳᠠᠪᠤᠷᠢ ᠶᠢ ᠳᠡᠭᠡᠭᠰᠢᠯᠡᠭᠦᠯᠬᠦ ᠪᠣᠯ ᠴᠢᠨᠠᠷ ᠴᠢᠨᠰᠠᠭ᠎ᠠ ᠶᠢᠨ ᠪᠠᠲᠤᠯᠠᠭ᠎ᠠ ᠮᠥᠨ ᠃
ᠲᠤᠷᠰᠢᠯᠭ᠎ᠠ ᠪᠠᠨ ᠳ᠋ᠦᠩᠨᠡᠵᠦ ᠂ ᠲᠠᠰᠤᠷᠠᠯᠲᠠ ᠦᠭᠡᠢ ᠰᠠᠶᠢᠵᠢᠷᠠᠭᠤᠯᠬᠤ ᠬᠡᠷᠡᠭᠲᠡᠢ ᠃
ᠰᠤᠷᠤᠭᠴᠢᠳ ᠤᠨ ᠤᠩᠰᠢᠬᠤ ᠬᠡᠮᠵᠢᠶ᠎ᠡ ᠶᠢ ᠨᠡᠮᠡᠭᠳᠡᠭᠦᠯᠵᠦ ᠂ ᠨᠣᠮ ᠤᠩᠰᠢᠬᠤ ᠵᠠᠩᠰᠢᠯ ᠢ ᠪᠣᠶᠢᠵᠢᠭᠤᠯᠤᠨ᠎ᠠ ᠃
ᠦᠨᠳᠦᠰᠦᠲᠡᠨ ᠦ ᠰᠤᠶᠤᠯ ᠤᠨ ᠥᠪ ᠢ ᠤᠯᠠᠮᠵᠢᠯᠠᠬᠤ ᠪᠣᠯ ᠮᠣᠩᠭᠤᠯ ᠬᠡᠯᠡ ᠪᠢᠴᠢᠭ ᠦᠨ ᠬᠢᠴᠢᠶᠡᠯ ᠦᠨ ᠡᠭᠦᠷᠭᠡ ᠮᠥᠨ ᠃
( ᠭᠤᠷᠪᠠ ) ᠦᠨᠡᠯᠡᠯᠲᠡ ᠶᠢᠨ ᠠᠷᠭ᠎ᠠ ᠬᠡᠯᠪᠡᠷᠢ
ᠰᠤᠷᠭᠠᠭᠤᠯᠢ ᠶᠢᠨ ᠵᠠᠬᠢᠷᠭ᠎ᠠ ᠠᠴᠠ ᠪᠠᠭᠰᠢ ᠨᠠᠷ ᠲᠤ ᠪᠠᠨ ᠳᠡᠮᠵᠢᠯᠭᠡ ᠦᠵᠡᠭᠦᠯᠬᠦ ᠬᠡᠷᠡᠭᠲᠡᠢ ᠃
ᠮᠡᠷᠭᠡᠵᠢᠯ ᠳᠡᠭᠡᠭᠰᠢᠯᠡᠭᠦᠯᠬᠦ ᠰᠤᠷᠭᠠᠯᠲᠠ ᠶᠢ ᠲᠣᠭᠲᠠᠮᠠᠯ ᠵᠣᠬᠢᠶᠠᠨ ᠪᠠᠶᠢᠭᠤᠯᠤᠨ᠎ᠠ ᠃
ᠬᠢᠴᠢᠶᠡᠯ ᠰᠣᠨᠣᠰᠬᠤ ᠂ ᠬᠢᠴᠢᠶᠡᠯ ᠦᠨᠡᠯᠡᠬᠦ ᠠᠵᠢᠯᠯᠠᠭ᠎ᠠ ᠶᠢ ᠥᠷᠨᠢᠭᠦᠯᠦᠨ᠎ᠡ ᠃
ᠰᠢᠯᠢᠳᠡᠭ ᠬᠢᠴᠢᠶᠡᠯ ᠦᠨ ᠦᠯᠢᠭᠡᠷ ᠵᠢᠱᠢᠶ᠎ᠡ ᠶᠢ ᠳᠡᠯᠭᠡᠷᠡᠭᠦᠯᠦᠨ᠎ᠡ ᠃
ᠵᠢᠭᠠᠨ ᠰᠤᠷᠭᠠᠯᠲᠠ ᠶᠢᠨ ᠰᠤᠳᠤᠯᠭᠠᠨ ᠤ ᠠᠵᠢᠯ ᠢ ᠴᠢᠩᠭᠠᠳᠬᠠᠨ᠎ᠠ ᠃
ᠨᠣᠮ ᠤᠨ ᠰᠠᠩ ᠤᠨ ᠨᠥᠭᠡᠴᠡ ᠶᠢ ᠪᠠᠶᠠᠯᠢᠭᠵᠢᠭᠤᠯᠤᠨ᠎ᠠ ᠃
ᠰᠤᠷᠤᠭᠴᠢᠳ ᠤᠨ ᠭᠠᠳᠠᠭᠠᠳᠤ ᠠᠵᠢᠯᠯᠠᠭ᠎ᠠ ᠶᠢ ᠥᠷᠭᠡᠳᠬᠡᠨ᠎ᠡ ᠃
ᠤᠷᠤᠯᠳᠤᠭᠠᠨ ᠢᠶᠠᠷ ᠳᠠᠮᠵᠢᠭᠤᠯᠤᠨ ᠢᠳᠡᠪᠬᠢᠵᠢᠯ ᠢ ᠬᠥᠭᠵᠢᠭᠡᠨ᠎ᠡ ᠃
ᠮᠣᠩᠭᠤᠯ ᠪᠢᠴᠢᠭ ᠦᠨ ᠳᠠᠳᠤᠯᠭ᠎ᠠ ᠶᠢ ᠡᠳᠦᠷ ᠪᠦᠷᠢ ᠬᠢᠯᠭᠡᠨ᠎ᠡ ᠃
ᠬᠡᠯᠡᠨ ᠦ ᠣᠷᠴᠢᠨ ᠢ ᠪᠦᠷᠢᠳᠦᠭᠦᠯᠬᠦ ᠨᠢ ᠴᠢᠬᠤᠯᠠ ᠃
ᠡᠴᠢᠭᠡ ᠡᠬᠡ ᠨᠠᠷ ᠤᠨ ᠣᠷᠣᠯᠴᠠᠭ᠎ᠠ ᠶᠢ ᠠᠬᠢᠭᠤᠯᠤᠨ᠎ᠠ ᠃
ᠨᠡᠶᠢᠭᠡᠮ ᠦᠨ ᠬᠦᠴᠦᠨ ᠢ ᠠᠰᠢᠭᠯᠠᠨ᠎ᠠ ᠃
ᠬᠠᠮᠲᠤ ᠪᠠᠷ ᠮᠣᠩᠭᠤᠯ ᠬᠡᠯᠡ ᠪᠢᠴᠢᠭ ᠦᠨ ᠰᠤᠷᠭᠠᠨ ᠬᠦᠮᠦᠵᠢᠯ ᠢ ᠳᠡᠭᠡᠭᠰᠢᠯᠡᠭᠦᠯᠦᠶ᠎ᠡ ᠃
ᠬᠢᠴᠢᠶᠡᠯ ᠦᠨ ᠡᠮᠦᠨᠡᠬᠢ ᠪᠡᠯᠡᠳᠬᠡᠯ ᠢ ᠰᠠᠶᠢᠲᠤᠷ ᠬᠢᠬᠦ ᠨᠢ ᠠᠮᠵᠢᠯᠲᠠ ᠶᠢᠨ ᠦᠨᠳᠦᠰᠦ ᠮᠥᠨ ᠃
ᠰᠤᠷᠤᠭᠴᠢᠳ ᠤᠨ ᠠᠰᠠᠭᠤᠯᠲᠠ ᠲᠠᠯᠪᠢᠬᠤ ᠴᠢᠳᠠᠪᠤᠷᠢ ᠶᠢ ᠬᠥᠭᠵᠢᠭᠦᠯᠬᠦ ᠬᠡᠷᠡᠭᠲᠡᠢ ᠃
ᠵᠢᠭᠠᠬᠤ ᠲᠥᠯᠦᠪᠯᠡᠭᠡ ᠪᠡᠨ ᠰᠢᠨᠵᠢᠯᠡᠬᠦ ᠤᠬᠠᠭᠠᠨᠴᠢ ᠪᠠᠷ ᠲᠣᠭᠲᠠᠭᠠᠨ᠎ᠠ ᠃
ᠬᠢᠴᠢᠶᠡᠯ ᠦᠨ ᠳᠠᠷᠠᠭᠠᠬᠢ ᠳᠠᠪᠲᠠᠯᠭ᠎ᠠ ᠶᠢ ᠴᠢᠬᠤᠯᠠᠴᠢᠯᠠᠨ᠎ᠠ ᠃
ᠪᠠᠭᠰᠢ ᠰᠤᠷᠤᠭᠴᠢ ᠶᠢᠨ ᠬᠠᠷᠢᠯᠴᠠᠭ᠎ᠠ ᠶᠢ ᠰᠠᠶᠢᠵᠢᠷᠠᠭᠤᠯᠤᠨ᠎ᠠ ᠃
ᠠᠭᠤᠯᠭ᠎ᠠ ᠶᠢᠨ ᠬᠦᠨᠳᠦ ᠬᠦᠴᠢᠷ ᠢ ᠢᠯᠭᠠᠨ ᠰᠠᠯᠭᠠᠵᠤ ᠵᠢᠭᠠᠨ᠎ᠠ ᠃
ᠲᠣᠭᠯᠠᠭᠠᠮ ᠤᠨ ᠬᠡᠯᠪᠡᠷᠢ ᠪᠡᠷ ᠬᠡᠯᠡ ᠰᠤᠷᠬᠤ ᠶᠢ ᠠᠮᠢᠳᠤᠯᠢᠭᠵᠢᠭᠤᠯᠤᠨ᠎ᠠ ᠃
ᠵᠢᠱᠢᠶ᠎ᠡ ᠪᠡᠷ ᠲᠠᠶᠢᠯᠪᠤᠷᠢᠯᠠᠬᠤ ᠠᠷᠭ᠎ᠠ ᠶᠢ ᠬᠡᠷᠡᠭᠯᠡᠨ᠎ᠡ ᠃
ᠰᠤᠷᠤᠭᠴᠢᠳ ᠢ ᠪᠡᠶ᠎ᠡ ᠪᠡᠨ ᠳᠠᠭᠠᠭᠠᠨ ᠰᠡᠳᠬᠢᠭᠦᠯᠬᠦ ᠬᠡᠷᠡᠭᠲᠡᠢ ᠃
ᠰᠤᠷᠭᠠᠨ ᠬᠦᠮᠦᠵᠢᠯ ᠦᠨ ᠰᠢᠨ᠎ᠡ ᠤᠬᠠᠮᠰᠠᠷ ᠢ ᠲᠣᠭᠲᠠᠭᠠᠬᠤ ᠬᠡᠷᠡᠭᠲᠡᠢ ᠃
ᠬᠢᠴᠢᠶᠡᠯ ᠦᠨ ᠲᠠᠩᠬᠢᠮ ᠤᠨ ᠠᠭᠤᠷ ᠠᠮᠢᠰᠬᠤᠯ ᠢ ᠲᠠᠶᠢᠪᠤᠩ ᠪᠠᠶᠢᠯᠭᠠᠨ᠎ᠠ ᠃
ᠰᠤᠷᠤᠭᠴᠢ ᠶᠢᠨ ᠢᠲᠡᠭᠡᠯ ᠢ ᠨᠡᠮᠡᠭᠳᠡᠭᠦᠯᠬᠦ ᠨᠢ ᠴᠢᠬᠤᠯᠠ ᠃
ᠰᠠᠶᠢᠨ ᠰᠠᠶᠢᠬᠠᠨ ᠵᠠᠩ ᠴᠢᠨᠠᠷ ᠢ ᠬᠦᠮᠦᠵᠢᠭᠦᠯᠦᠨ᠎ᠡ ᠃
ᠭᠡᠷ ᠦᠨ ᠳᠠᠭᠠᠯᠭᠠᠪᠤᠷᠢ ᠶᠢᠨ ᠴᠢᠨᠠᠷ ᠢ ᠳᠡᠭᠡᠭᠰᠢᠯᠡᠭᠦᠯᠦᠨ᠎ᠡ ᠃
ᠰᠤᠷᠬᠤ ᠠᠷᠭ᠎ᠠ ᠶᠢ ᠵᠢᠭᠠᠬᠤ ᠨᠢ ᠮᠡᠳᠡᠯᠭᠡ ᠵᠢᠭᠠᠬᠤ ᠠᠴᠠ ᠴᠢᠬᠤᠯᠠ ᠃
ᠪᠦᠲᠦᠭᠡᠯᠴᠢ ᠰᠡᠳᠬᠢᠬᠦᠢ ᠶᠢ ᠬᠥᠭᠵᠢᠭᠦᠯᠬᠦ ᠵᠠᠮ ᠢ ᠡᠷᠢᠯᠬᠢᠯᠡᠨ᠎ᠡ ᠃
ᠡᠴᠦᠰ ᠲᠦ ᠪᠡᠨ ᠰᠤᠷᠤᠭᠴᠢᠳ ᠤᠨ ᠪᠦᠬᠦ ᠲᠠᠯ᠎ᠠ ᠶᠢᠨ ᠬᠥᠭᠵᠢᠯᠲᠡ ᠶᠢ ᠠᠬᠢᠭᠤᠯᠤᠨ᠎ᠠ ᠃
ᠡᠶᠢᠮᠦ ᠡᠴᠡ ᠂ ᠪᠢᠳᠡ ᠪᠠᠭᠰᠢ ᠨᠠᠷ ᠤᠨ ᠬᠤᠪᠢ ᠳᠤ ᠲᠠᠰᠤᠷᠠᠯᠲᠠ ᠦᠭᠡᠢ ᠰᠤᠷᠤᠯᠴᠠᠵᠤ ᠰᠦᠪᠡᠭᠴᠢᠯᠡᠬᠦ ᠬᠡᠷᠡᠭᠲᠡᠢ ᠃
ᠦᠨᠳᠦᠰᠦᠲᠡᠨ ᠦ ᠰᠤᠶᠤᠯ ᠤᠨ ᠥᠪ ᠢ ᠤᠯᠠᠮᠵᠢᠯᠠᠬᠤ ᠪᠣᠯ ᠮᠣᠩᠭᠤᠯ ᠬᠡᠯᠡ ᠪᠢᠴᠢᠭ ᠦᠨ ᠬᠢᠴᠢᠶᠡᠯ ᠦᠨ ᠡᠭᠦᠷᠭᠡ ᠮᠥᠨ ᠃
ᠰᠤᠷᠤᠭᠴᠢᠳ ᠤᠨ ᠤᠩᠰᠢᠬᠤ ᠬᠡᠮᠵᠢᠶ᠎ᠡ ᠶᠢ ᠨᠡᠮᠡᠭᠳᠡᠭᠦᠯᠵᠦ ᠂ ᠨᠣᠮ ᠤᠩᠰᠢᠬᠤ ᠵᠠᠩᠰᠢᠯ ᠢ ᠪᠣᠶᠢᠵᠢᠭᠤᠯᠤᠨ᠎ᠠ ᠃	ᠰᠤᠷᠭᠠᠨ ᠬᠦᠮᠦᠵᠢᠯ ᠦᠨ ᠰᠣᠳᠤᠯᠤᠯ
( ᠳᠥᠷᠪᠡ )
ᠬᠡᠪ ᠦᠨ ᠲᠣᠬᠢᠷᠠᠭᠤᠯᠤᠭᠴᠢ :
ᠰᠠᠷᠠᠨ᠎ᠠ ᠬᠠᠷᠢᠯᠴᠠᠬᠤ ᠤᠲᠠᠰᠤ : 0471— 4309384
ᠬᠢᠨᠠᠨ ᠲᠣᠬᠢᠶᠠᠭᠤᠯᠤᠭᠴᠢ :
ᠣᠶᠤᠨᠭᠡᠷᠡᠯ	ᠥᠷᠦᠭᠡ : 306	ᠬᠠᠷᠢᠭᠤᠴᠠᠭᠰᠠᠨ ᠨᠠᠶᠢᠷᠠᠭᠤᠯᠤᠭᠴᠢ : ᠪᠠᠶᠠᠷ
